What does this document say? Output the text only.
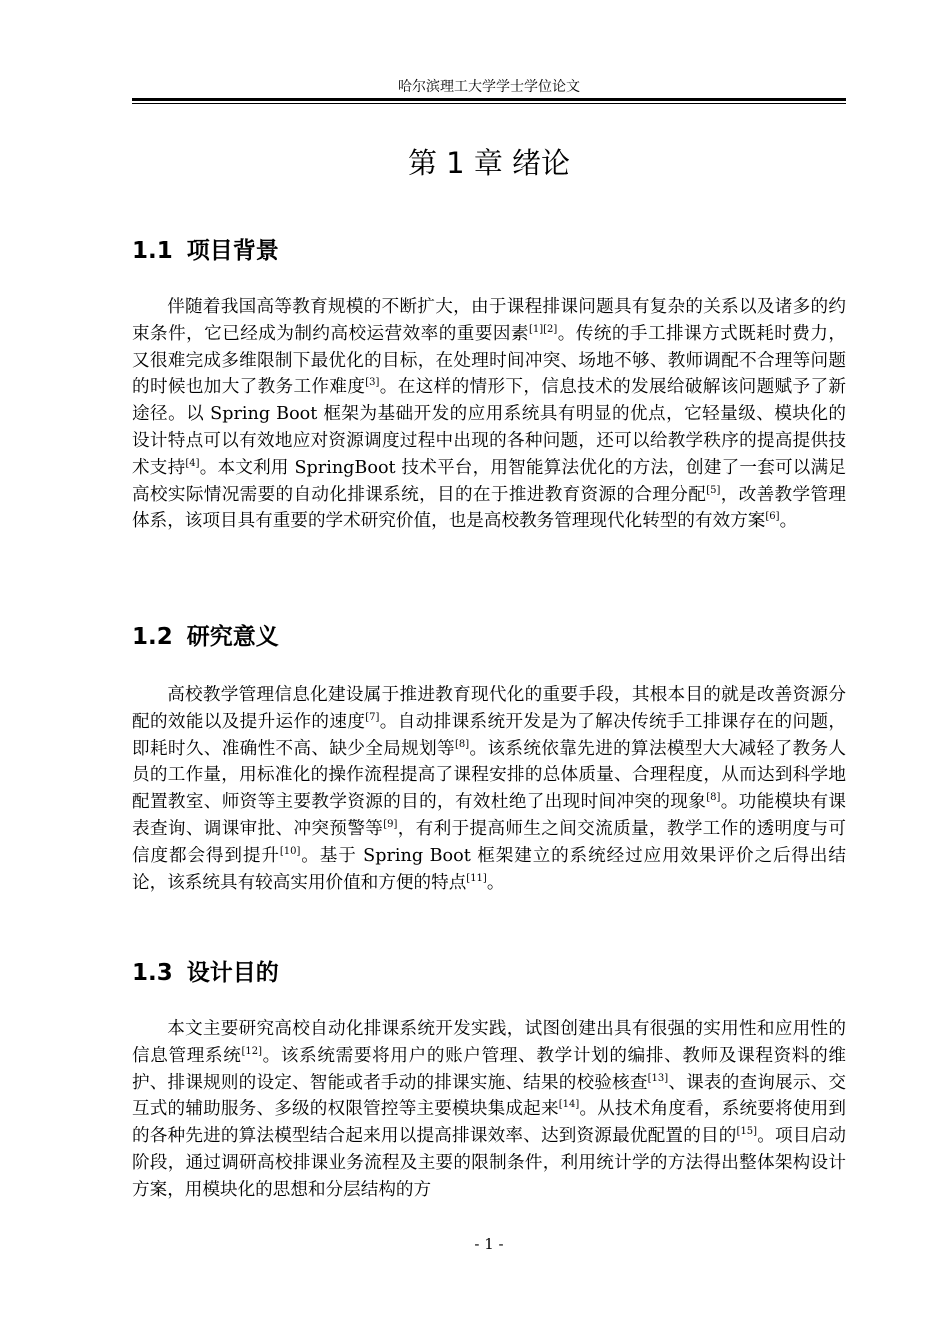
哈尔滨理工大学学士学位论文
第 1 章 绪论
1.1 项目背景

伴随着我国高等教育规模的不断扩大，由于课程排课问题具有复杂的关系以及诸多的约束条件，它已经成为制约高校运营效率的重要因素[1][2]。传统的手工排课方式既耗时费力，又很难完成多维限制下最优化的目标，在处理时间冲突、场地不够、教师调配不合理等问题的时候也加大了教务工作难度[3]。在这样的情形下，信息技术的发展给破解该问题赋予了新途径。以 Spring Boot 框架为基础开发的应用系统具有明显的优点，它轻量级、模块化的设计特点可以有效地应对资源调度过程中出现的各种问题，还可以给教学秩序的提高提供技术支持[4]。本文利用 SpringBoot 技术平台，用智能算法优化的方法，创建了一套可以满足高校实际情况需要的自动化排课系统，目的在于推进教育资源的合理分配[5]，改善教学管理体系，该项目具有重要的学术研究价值，也是高校教务管理现代化转型的有效方案[6]。

1.2 研究意义

高校教学管理信息化建设属于推进教育现代化的重要手段，其根本目的就是改善资源分配的效能以及提升运作的速度[7]。自动排课系统开发是为了解决传统手工排课存在的问题，即耗时久、准确性不高、缺少全局规划等[8]。该系统依靠先进的算法模型大大减轻了教务人员的工作量，用标准化的操作流程提高了课程安排的总体质量、合理程度，从而达到科学地配置教室、师资等主要教学资源的目的，有效杜绝了出现时间冲突的现象[8]。功能模块有课表查询、调课审批、冲突预警等[9]，有利于提高师生之间交流质量，教学工作的透明度与可信度都会得到提升[10]。基于 Spring Boot 框架建立的系统经过应用效果评价之后得出结论，该系统具有较高实用价值和方便的特点[11]。

1.3 设计目的

本文主要研究高校自动化排课系统开发实践，试图创建出具有很强的实用性和应用性的信息管理系统[12]。该系统需要将用户的账户管理、教学计划的编排、教师及课程资料的维护、排课规则的设定、智能或者手动的排课实施、结果的校验核查[13]、课表的查询展示、交互式的辅助服务、多级的权限管控等主要模块集成起来[14]。从技术角度看，系统要将使用到的各种先进的算法模型结合起来用以提高排课效率、达到资源最优配置的目的[15]。项目启动阶段，通过调研高校排课业务流程及主要的限制条件，利用统计学的方法得出整体架构设计方案，用模块化的思想和分层结构的方

- 1 -
